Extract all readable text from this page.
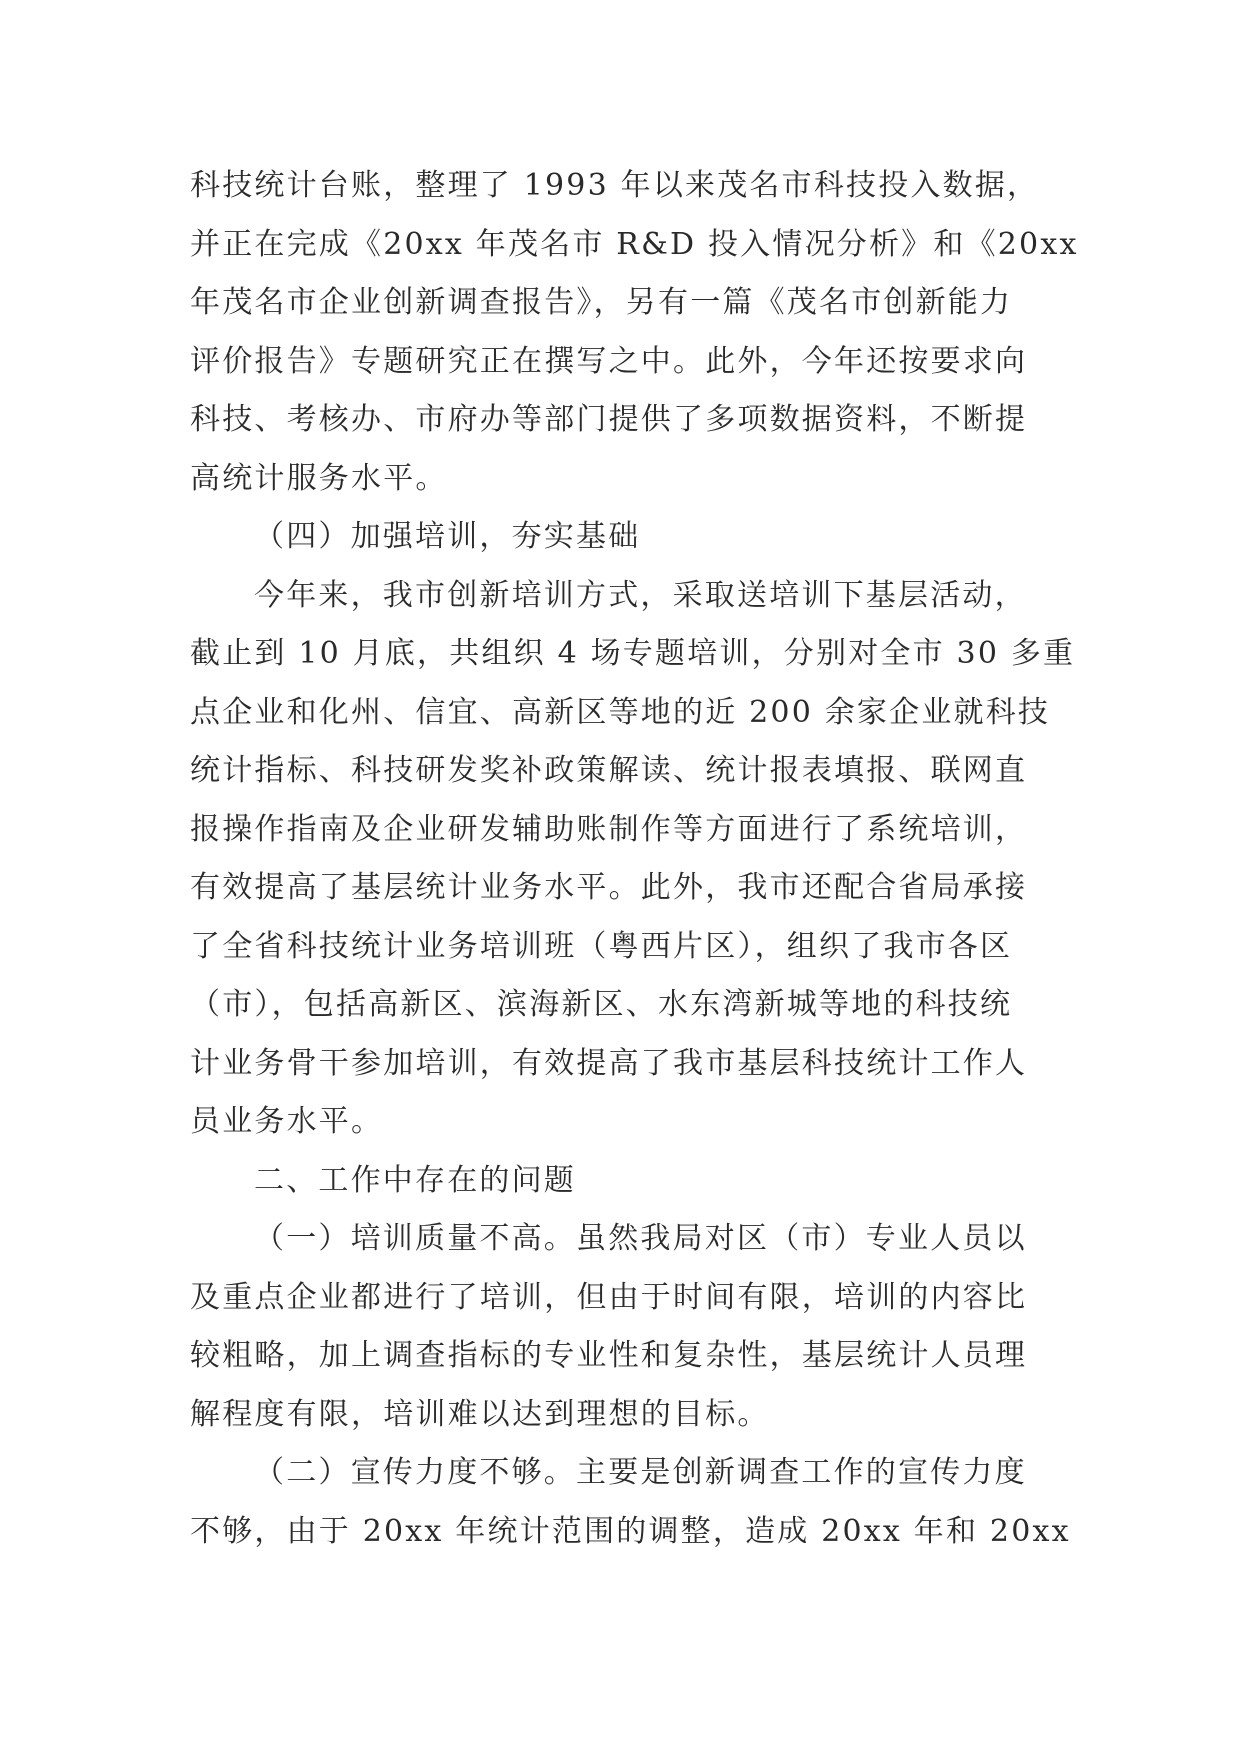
科技统计台账，整理了 1993 年以来茂名市科技投入数据，
并正在完成《20xx 年茂名市 R&D 投入情况分析》和《20xx
年茂名市企业创新调查报告》，另有一篇《茂名市创新能力
评价报告》专题研究正在撰写之中。此外，今年还按要求向
科技、考核办、市府办等部门提供了多项数据资料，不断提
高统计服务水平。
（四）加强培训，夯实基础
今年来，我市创新培训方式，采取送培训下基层活动，
截止到 10 月底，共组织 4 场专题培训，分别对全市 30 多重
点企业和化州、信宜、高新区等地的近 200 余家企业就科技
统计指标、科技研发奖补政策解读、统计报表填报、联网直
报操作指南及企业研发辅助账制作等方面进行了系统培训，
有效提高了基层统计业务水平。此外，我市还配合省局承接
了全省科技统计业务培训班（粤西片区），组织了我市各区
（市），包括高新区、滨海新区、水东湾新城等地的科技统
计业务骨干参加培训，有效提高了我市基层科技统计工作人
员业务水平。
二、工作中存在的问题
（一）培训质量不高。虽然我局对区（市）专业人员以
及重点企业都进行了培训，但由于时间有限，培训的内容比
较粗略，加上调查指标的专业性和复杂性，基层统计人员理
解程度有限，培训难以达到理想的目标。
（二）宣传力度不够。主要是创新调查工作的宣传力度
不够，由于 20xx 年统计范围的调整，造成 20xx 年和 20xx
